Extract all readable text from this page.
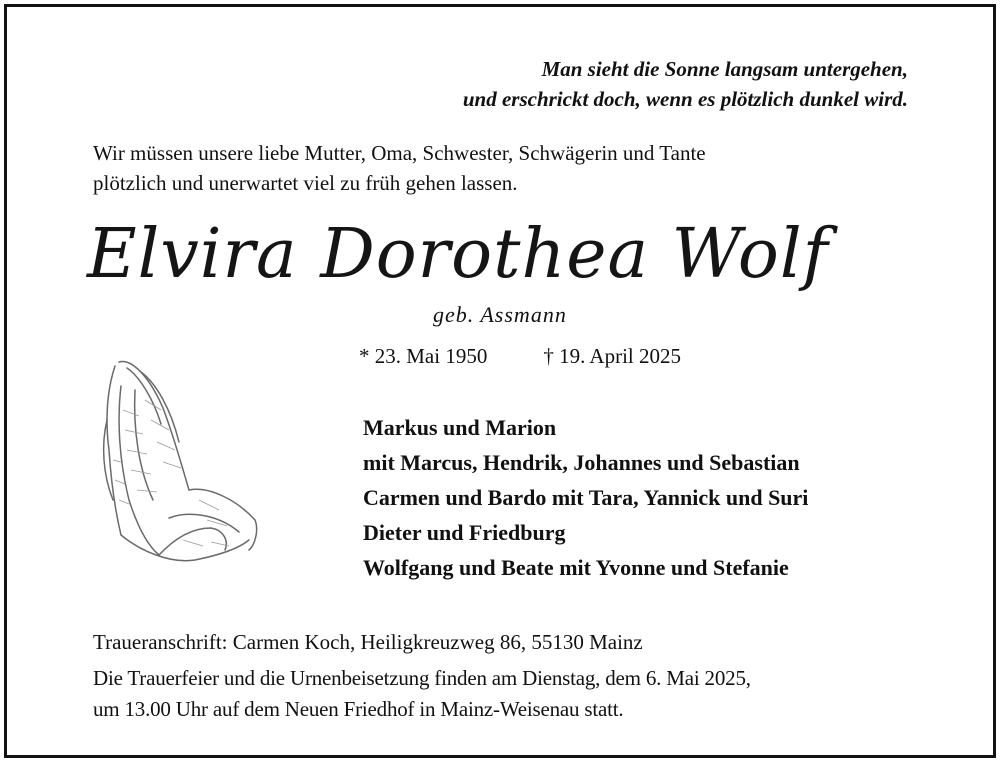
Man sieht die Sonne langsam untergehen,
und erschrickt doch, wenn es plötzlich dunkel wird.
Wir müssen unsere liebe Mutter, Oma, Schwester, Schwägerin und Tante
plötzlich und unerwartet viel zu früh gehen lassen.
Elvira Dorothea Wolf
geb. Assmann
* 23. Mai 1950	† 19. April 2025
Markus und Marion
mit Marcus, Hendrik, Johannes und Sebastian
Carmen und Bardo mit Tara, Yannick und Suri
Dieter und Friedburg
Wolfgang und Beate mit Yvonne und Stefanie
Traueranschrift: Carmen Koch, Heiligkreuzweg 86, 55130 Mainz
Die Trauerfeier und die Urnenbeisetzung finden am Dienstag, dem 6. Mai 2025,
um 13.00 Uhr auf dem Neuen Friedhof in Mainz-Weisenau statt.
